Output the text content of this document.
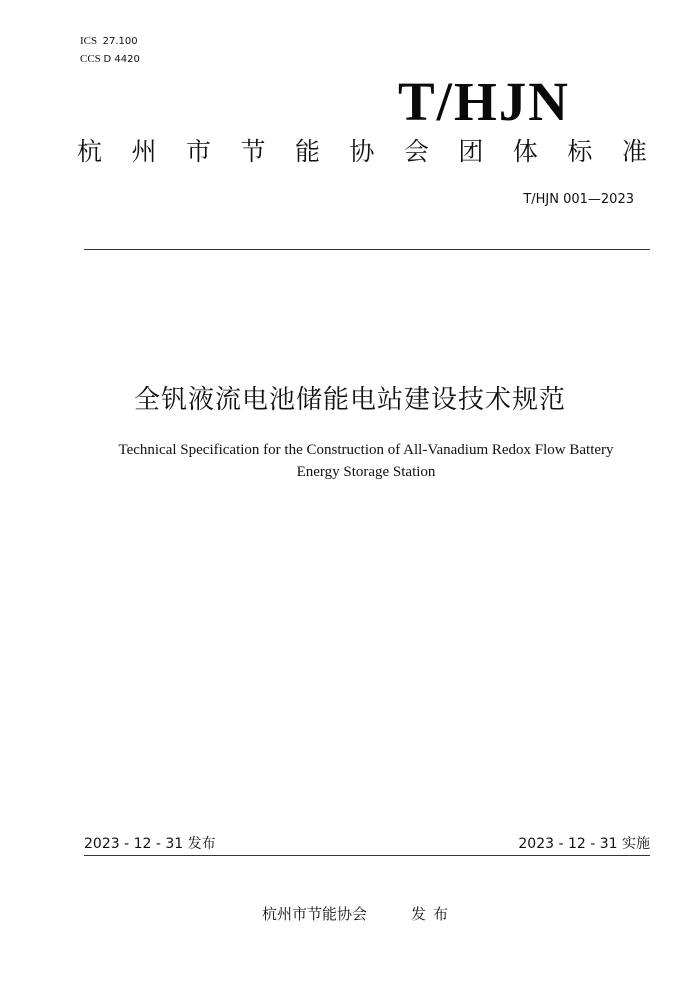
ICS 27.100
CCS D 4420
T/HJN
杭 州 市 节 能 协 会 团 体 标 准
T/HJN 001—2023
全钒液流电池储能电站建设技术规范
Technical Specification for the Construction of All-Vanadium Redox Flow Battery
Energy Storage Station
2023 - 12 - 31 发布	2023 - 12 - 31 实施
杭州市节能协会	发布
